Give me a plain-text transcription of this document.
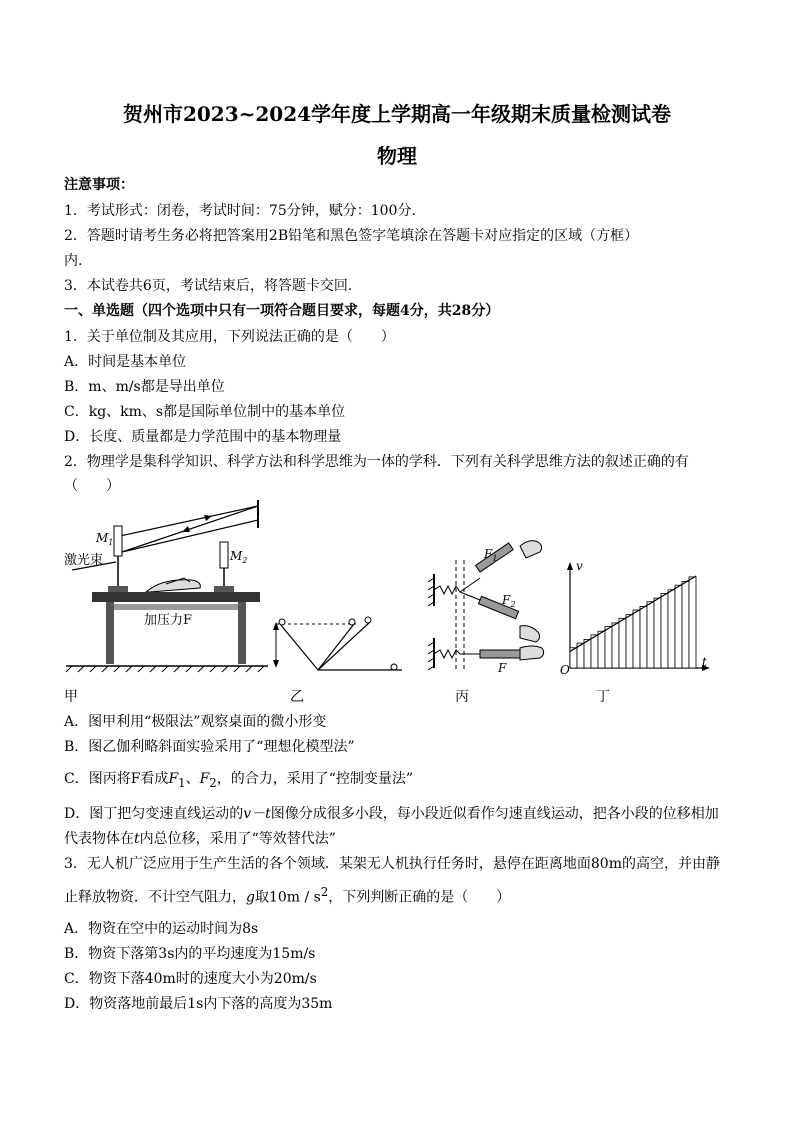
贺州市2023~2024学年度上学期高一年级期末质量检测试卷
物理
注意事项：
1．考试形式：闭卷，考试时间：75分钟，赋分：100分.
2．答题时请考生务必将把答案用2B铅笔和黑色签字笔填涂在答题卡对应指定的区域（方框）
内.
3．本试卷共6页，考试结束后，将答题卡交回.
一、单选题（四个选项中只有一项符合题目要求，每题4分，共28分）
1．关于单位制及其应用，下列说法正确的是（　　）
A．时间是基本单位
B．m、m/s都是导出单位
C．kg、km、s都是国际单位制中的基本单位
D．长度、质量都是力学范围中的基本物理量
2．物理学是集科学知识、科学方法和科学思维为一体的学科．下列有关科学思维方法的叙述正确的有
（　　）
$M_1$
$M_2$
激光束
加压力F
$F_1$
$F_2$
F
v
t
O
甲	乙	丙	丁
A．图甲利用“极限法”观察桌面的微小形变
B．图乙伽利略斜面实验采用了“理想化模型法”
C．图丙将F看成$F_1$、$F_2$，的合力，采用了“控制变量法”
D．图丁把匀变速直线运动的v－t图像分成很多小段，每小段近似看作匀速直线运动，把各小段的位移相加
代表物体在t内总位移，采用了“等效替代法”
3．无人机广泛应用于生产生活的各个领域．某架无人机执行任务时，悬停在距离地面80m的高空，并由静
止释放物资．不计空气阻力，g取$10m / s^2$，下列判断正确的是（　　）
A．物资在空中的运动时间为8s
B．物资下落第3s内的平均速度为15m/s
C．物资下落40m时的速度大小为20m/s
D．物资落地前最后1s内下落的高度为35m
